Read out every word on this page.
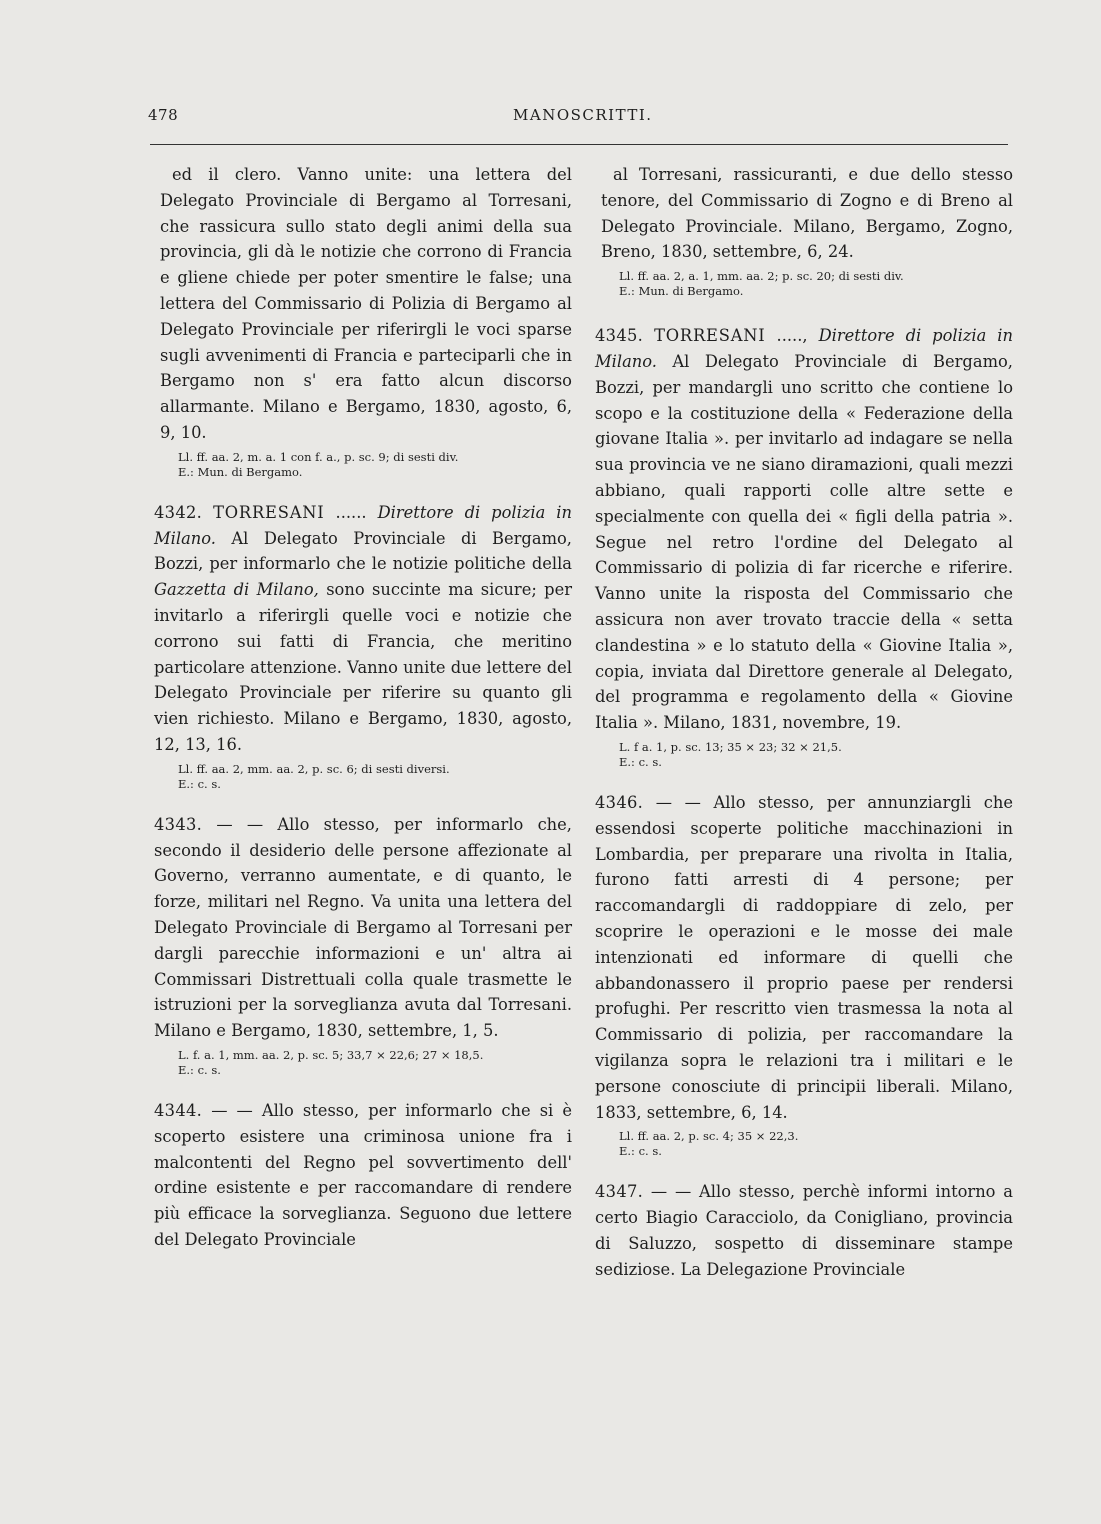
478	MANOSCRITTI.

ed il clero. Vanno unite: una lettera del Delegato Provinciale di Bergamo al Torresani, che rassicura sullo stato degli animi della sua provincia, gli dà le notizie che corrono di Francia e gliene chiede per poter smentire le false; una lettera del Commissario di Polizia di Bergamo al Delegato Provinciale per riferirgli le voci sparse sugli avvenimenti di Francia e parteciparli che in Bergamo non s' era fatto alcun discorso allarmante. Milano e Bergamo, 1830, agosto, 6, 9, 10.

Ll. ff. aa. 2, m. a. 1 con f. a., p. sc. 9; di sesti div.
E.: Mun. di Bergamo.

4342. TORRESANI ...... Direttore di polizia in Milano. Al Delegato Provinciale di Bergamo, Bozzi, per informarlo che le notizie politiche della Gazzetta di Milano, sono succinte ma sicure; per invitarlo a riferirgli quelle voci e notizie che corrono sui fatti di Francia, che meritino particolare attenzione. Vanno unite due lettere del Delegato Provinciale per riferire su quanto gli vien richiesto. Milano e Bergamo, 1830, agosto, 12, 13, 16.

Ll. ff. aa. 2, mm. aa. 2, p. sc. 6; di sesti diversi.
E.: c. s.

4343. — — Allo stesso, per informarlo che, secondo il desiderio delle persone affezionate al Governo, verranno aumentate, e di quanto, le forze, militari nel Regno. Va unita una lettera del Delegato Provinciale di Bergamo al Torresani per dargli parecchie informazioni e un' altra ai Commissari Distrettuali colla quale trasmette le istruzioni per la sorveglianza avuta dal Torresani. Milano e Bergamo, 1830, settembre, 1, 5.

L. f. a. 1, mm. aa. 2, p. sc. 5; 33,7 × 22,6; 27 × 18,5.
E.: c. s.

4344. — — Allo stesso, per informarlo che si è scoperto esistere una criminosa unione fra i malcontenti del Regno pel sovvertimento dell' ordine esistente e per raccomandare di rendere più efficace la sorveglianza. Seguono due lettere del Delegato Provinciale

al Torresani, rassicuranti, e due dello stesso tenore, del Commissario di Zogno e di Breno al Delegato Provinciale. Milano, Bergamo, Zogno, Breno, 1830, settembre, 6, 24.

Ll. ff. aa. 2, a. 1, mm. aa. 2; p. sc. 20; di sesti div.
E.: Mun. di Bergamo.

4345. TORRESANI ....., Direttore di polizia in Milano. Al Delegato Provinciale di Bergamo, Bozzi, per mandargli uno scritto che contiene lo scopo e la costituzione della « Federazione della giovane Italia ». per invitarlo ad indagare se nella sua provincia ve ne siano diramazioni, quali mezzi abbiano, quali rapporti colle altre sette e specialmente con quella dei « figli della patria ». Segue nel retro l'ordine del Delegato al Commissario di polizia di far ricerche e riferire. Vanno unite la risposta del Commissario che assicura non aver trovato traccie della « setta clandestina » e lo statuto della « Giovine Italia », copia, inviata dal Direttore generale al Delegato, del programma e regolamento della « Giovine Italia ». Milano, 1831, novembre, 19.

L. f a. 1, p. sc. 13; 35 × 23; 32 × 21,5.
E.: c. s.

4346. — — Allo stesso, per annunziargli che essendosi scoperte politiche macchinazioni in Lombardia, per preparare una rivolta in Italia, furono fatti arresti di 4 persone; per raccomandargli di raddoppiare di zelo, per scoprire le operazioni e le mosse dei male intenzionati ed informare di quelli che abbandonassero il proprio paese per rendersi profughi. Per rescritto vien trasmessa la nota al Commissario di polizia, per raccomandare la vigilanza sopra le relazioni tra i militari e le persone conosciute di principii liberali. Milano, 1833, settembre, 6, 14.

Ll. ff. aa. 2, p. sc. 4; 35 × 22,3.
E.: c. s.

4347. — — Allo stesso, perchè informi intorno a certo Biagio Caracciolo, da Conigliano, provincia di Saluzzo, sospetto di disseminare stampe sediziose. La Delegazione Provinciale
